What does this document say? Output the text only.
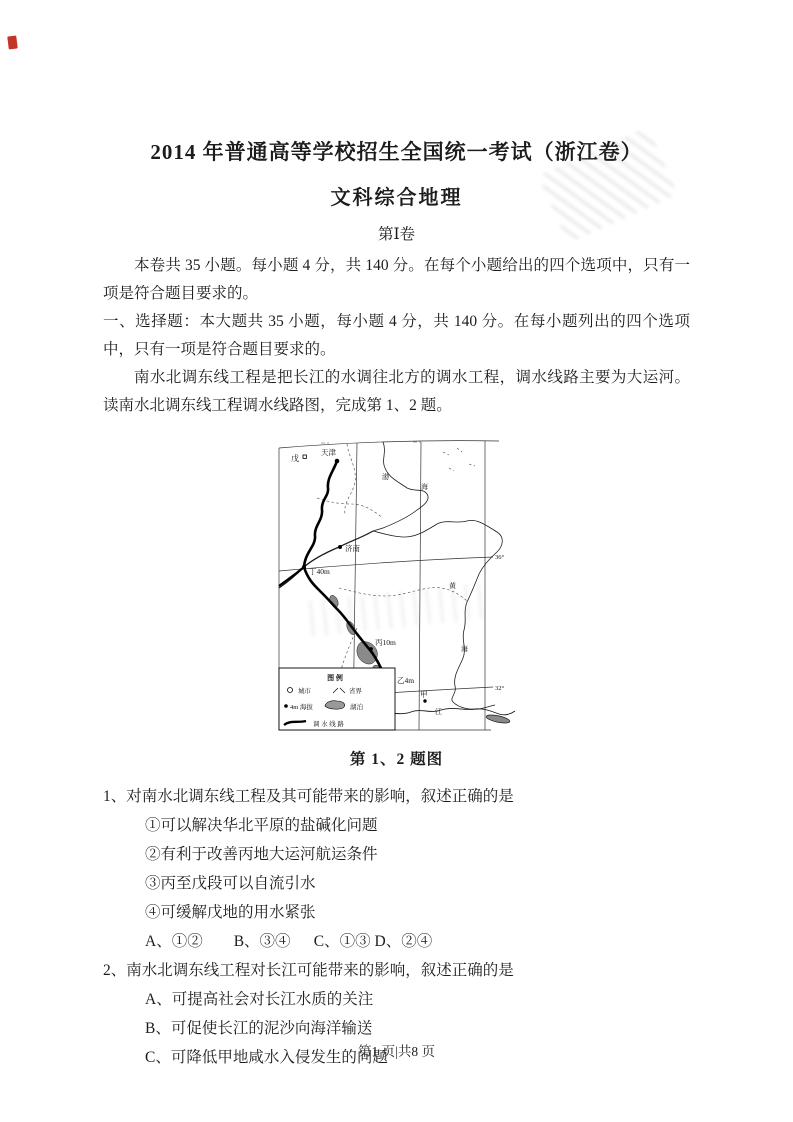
2014 年普通高等学校招生全国统一考试（浙江卷）
文科综合地理
第Ⅰ卷

本卷共 35 小题。每小题 4 分，共 140 分。在每个小题给出的四个选项中，只有一项是符合题目要求的。

一、选择题：本大题共 35 小题，每小题 4 分，共 140 分。在每小题列出的四个选项中，只有一项是符合题目要求的。

南水北调东线工程是把长江的水调往北方的调水工程，调水线路主要为大运河。读南水北调东线工程调水线路图，完成第 1、2 题。

戊
天津
渤
海
济南
丁40m
黄
海
丙10m
乙4m
甲
江
36°
32°
图 例
城市	省界
4m 海拔	湖泊
调 水 线 路
第 1、2 题图

1、对南水北调东线工程及其可能带来的影响，叙述正确的是

①可以解决华北平原的盐碱化问题

②有利于改善丙地大运河航运条件

③丙至戊段可以自流引水

④可缓解戊地的用水紧张

A、①②        B、③④      C、①③ D、②④

2、南水北调东线工程对长江可能带来的影响，叙述正确的是

A、可提高社会对长江水质的关注

B、可促使长江的泥沙向海洋输送

C、可降低甲地咸水入侵发生的问题

第1 页|共8 页
